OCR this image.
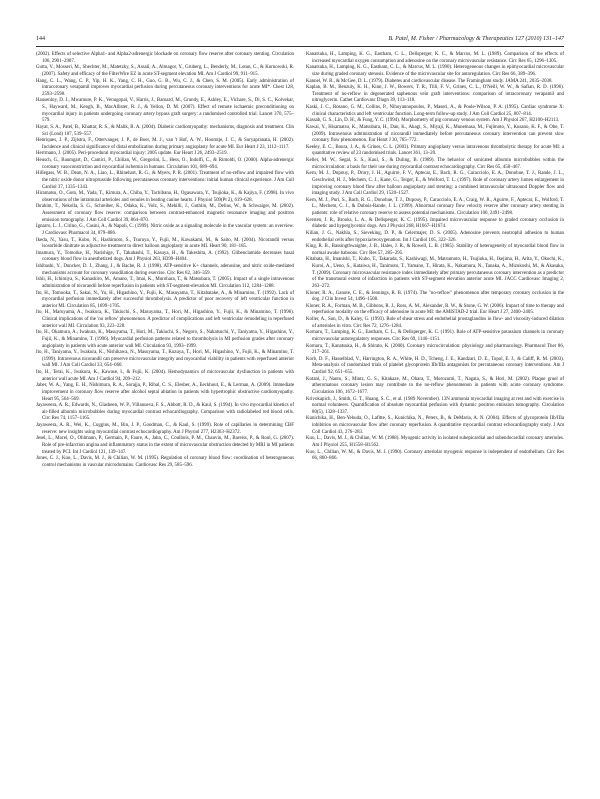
144	B. Patel, M. Fisher / Pharmacology & Therapeutics 127 (2010) 131–147

(2002). Effects of selective Alpha1- and Alpha2-adrenergic blockade on coronary flow reserve after coronary stenting. Circulation 106, 2901–2907.

Gutta, V., Mosseri, M., Shechter, M., Matetzky, S., Assali, A., Almagor, Y., Gruberg, L., Benderly, M., Lotan, C., & Kornowski, R. (2007). Safety and efficacy of the FilterWire EZ in acute ST-segment elevation MI. Am J Cardiol 99, 911–915.

Hang, C. L., Wang, C. P., Yip, H. K., Yang, C. H., Guo, G. B., Wu, C. J., & Chen, S. M. (2005). Early administration of intracoronary verapamil improves myocardial perfusion during percutaneous coronary interventions for acute MI*. Chest 128, 2593–2598.

Hausenloy, D. J., Mwamure, P. K., Venugopal, V., Harris, J., Barnard, M., Grundy, E., Ashley, E., Vichare, S., Di, S. C., Kolvekar, S., Hayward, M., Keogh, B., MacAllister, R. J., & Yellon, D. M. (2007). Effect of remote ischaemic preconditioning on myocardial injury in patients undergoing coronary artery bypass graft surgery: a randomised controlled trial. Lancet 370, 575–579.

Hayat, S. A., Patel, B., Khattar, R. S., & Malik, R. A. (2004). Diabetic cardiomyopathy: mechanisms, diagnosis and treatment. Clin Sci (Lond) 107, 539–557.

Henriques, J. P., Zijlstra, F., Ottervanger, J. P., de Boer, M. J., van 't Hof, A. W., Hoorntje, J. C., & Suryapranata, H. (2002). Incidence and clinical significance of distal embolization during primary angioplasty for acute MI. Eur Heart J 23, 1112–1117.

Herrmann, J. (2005). Peri-procedural myocardial injury: 2005 update. Eur Heart J 26, 2493–2519.

Heusch, G., Baumgart, D., Camici, P., Chilian, W., Gregorini, L., Hess, O., Indolfi, C., & Rimoldi, O. (2000). Alpha-adrenergic coronary vasoconstriction and myocardial ischemia in humans. Circulation 101, 689–694.

Hillegass, W. B., Dean, N. A., Liao, L., Rhinehart, R. G., & Myers, P. R. (2001). Treatment of no-reflow and impaired flow with the nitric oxide donor nitroprusside following percutaneous coronary interventions: initial human clinical experience. J Am Coll Cardiol 37, 1335–1343.

Hiramatsu, O., Goto, M., Yada, T., Kimura, A., Chiba, Y., Tachibana, H., Ogasawara, Y., Tsujioka, K., & Kajiya, F. (1998). In vivo observations of the intramural arterioles and venules in beating canine hearts. J Physiol 509(Pt 2), 619–628.

Ibrahim, T., Nekolla, S. G., Schreiber, K., Odaka, K., Volz, S., Mehilli, J., Guthlin, M., Delius, W., & Schwaiger, M. (2002). Assessment of coronary flow reserve: comparison between contrast-enhanced magnetic resonance imaging and positron emission tomography. J Am Coll Cardiol 39, 864–870.

Ignarro, L. J., Cirino, G., Casini, A., & Napoli, C. (1999). Nitric oxide as a signaling molecule in the vascular system: an overview. J Cardiovasc Pharmacol 34, 879–886.

Ikeda, N., Yasu, T., Kubo, N., Hashimoto, S., Tsuruya, Y., Fujii, M., Kawakami, M., & Saito, M. (2004). Nicorandil versus isosorbide dinitrate as adjunctive treatment to direct balloon angioplasty in acute MI. Heart 90, 181–185.

Imamura, Y., Tomoike, H., Narishige, T., Takahashi, T., Kasuya, H., & Takeshita, A. (1992). Glibenclamide decreases basal coronary blood flow in anesthetized dogs. Am J Physiol 263, H399–H404.

Ishibashi, Y., Duncker, D. J., Zhang, J., & Bache, R. J. (1998). ATP-sensitive K+ channels, adenosine, and nitric oxide-mediated mechanisms account for coronary vasodilation during exercise. Circ Res 82, 346–359.

Ishii, H., Ichimiya, S., Kanashiro, M., Amano, T., Imai, K., Murohara, T., & Matsubara, T. (2005). Impact of a single intravenous administration of nicorandil before reperfusion in patients with ST-segment-elevation MI. Circulation 112, 1284–1288.

Ito, H., Tomooka, T., Sakai, N., Yu, H., Higashino, Y., Fujii, K., Masuyama, T., Kitabatake, A., & Minamino, T. (1992). Lack of myocardial perfusion immediately after successful thrombolysis. A predictor of poor recovery of left ventricular function in anterior MI. Circulation 85, 1699–1705.

Ito, H., Maruyama, A., Iwakura, K., Takiuchi, S., Masuyama, T., Hori, M., Higashino, Y., Fujii, K., & Minamino, T. (1996). Clinical implications of the 'no reflow' phenomenon. A predictor of complications and left ventricular remodeling in reperfused anterior wall MI. Circulation 93, 223–228.

Ito, H., Okamura, A., Iwakura, K., Masuyama, T., Hori, M., Takiuchi, S., Negoro, S., Nakatsuchi, Y., Taniyama, Y., Higashino, Y., Fujii, K., & Minamino, T. (1996). Myocardial perfusion patterns related to thrombolysis in MI perfusion grades after coronary angioplasty in patients with acute anterior wall MI. Circulation 93, 1993–1999.

Ito, H., Taniyama, Y., Iwakura, K., Nishikawa, N., Masuyama, T., Kuzuya, T., Hori, M., Higashino, Y., Fujii, K., & Minamino, T. (1999). Intravenous nicorandil can preserve microvascular integrity and myocardial viability in patients with reperfused anterior wall MI. J Am Coll Cardiol 33, 654–660.

Ito, H., Terai, K., Iwakura, K., Kawase, I., & Fujii, K. (2004). Hemodynamics of microvascular dysfunction in patients with anterior wall acute MI. Am J Cardiol 94, 209–212.

Jaber, W. A., Yang, E. H., Nishimura, R. A., Sorajja, P., Rihal, C. S., Elesber, A., Eeckhout, E., & Lerman, A. (2009). Immediate improvement in coronary flow reserve after alcohol septal ablation in patients with hypertrophic obstructive cardiomyopathy. Heart 95, 564–569.

Jayaweera, A. R., Edwards, N., Glasheen, W. P., Villanueva, F. S., Abbott, R. D., & Kaul, S. (1994). In vivo myocardial kinetics of air-filled albumin microbubbles during myocardial contrast echocardiography. Comparison with radiolabeled red blood cells. Circ Res 74, 1157–1165.

Jayaweera, A. R., Wei, K., Coggins, M., Bin, J. P., Goodman, C., & Kaul, S. (1999). Role of capillaries in determining CBF reserve: new insights using myocardial contrast echocardiography. Am J Physiol 277, H2363–H2372.

Jesel, L., Morel, O., Ohlmann, P., Germain, P., Faure, A., Jahn, C., Coulbois, P. M., Chauvin, M., Bareiss, P., & Roul, G. (2007). Role of pre-infarction angina and inflammatory status in the extent of microvascular obstruction detected by MRI in MI patients treated by PCI. Int J Cardiol 121, 139–147.

Jones, C. J., Kuo, L., Davis, M. J., & Chilian, W. M. (1995). Regulation of coronary blood flow: coordination of heterogeneous control mechanisms in vascular microdomains. Cardiovasc Res 29, 585–596.

Kanatsuka, H., Lamping, K. G., Eastham, C. L., Dellsperger, K. C., & Marcus, M. L. (1989). Comparison of the effects of increased myocardial oxygen consumption and adenosine on the coronary microvascular resistance. Circ Res 65, 1296–1305.

Kanatsuka, H., Lamping, K. G., Eastham, C. L., & Marcus, M. L. (1990). Heterogeneous changes in epimyocardial microvascular size during graded coronary stenosis. Evidence of the microvascular site for autoregulation. Circ Res 66, 389–396.

Kannel, W. B., & McGee, D. L. (1979). Diabetes and cardiovascular disease. The Framingham study. JAMA 241, 2035–2038.

Kaplan, B. M., Benzuly, K. H., Kinn, J. W., Bowers, T. R., Tilli, F. V., Grines, C. L., O'Neill, W. W., & Safian, R. D. (1996). Treatment of no-reflow in degenerated saphenous vein graft interventions: comparison of intracoronary verapamil and nitroglycerin. Cathet Cardiovasc Diagn 39, 113–118.

Kaski, J. C., Rosano, G. M., Collins, P., Nihoyannopoulos, P., Maseri, A., & Poole-Wilson, P. A. (1995). Cardiac syndrome X: clinical characteristics and left ventricular function. Long-term follow-up study. J Am Coll Cardiol 25, 807–814.

Kassab, G. S., Lin, D. H., & Fung, Y. C. (1994). Morphometry of pig coronary venous system. Am J Physiol 267, H2100–H2113.

Kawai, Y., Hisamatsu, K., Matsubara, H., Dan, K., Akagi, S., Miyaji, K., Munemasa, M., Fujimoto, Y., Kusano, K. F., & Ohe, T. (2009). Intravenous administration of nicorandil immediately before percutaneous coronary intervention can prevent slow coronary flow phenomenon. Eur Heart J 30, 765–772.

Keeley, E. C., Boura, J. A., & Grines, C. L. (2003). Primary angioplasty versus intravenous thrombolytic therapy for acute MI: a quantitative review of 23 randomised trials. Lancet 361, 13–20.

Keller, M. W., Segal, S. S., Kaul, S., & Duling, B. (1989). The behavior of sonicated albumin microbubbles within the microcirculation: a basis for their use during myocardial contrast echocardiography. Circ Res 65, 458–467.

Kern, M. J., Dupouy, P., Drury, J. H., Aguirre, F. V., Aptecar, E., Bach, R. G., Caracciolo, E. A., Donohue, T. J., Rande, J. L., Geschwind, H. J., Mechem, C. J., Kane, G., Teiger, E., & Wolford, T. L. (1997). Role of coronary artery lumen enlargement in improving coronary blood flow after balloon angioplasty and stenting: a combined intravascular ultrasound Doppler flow and imaging study. J Am Coll Cardiol 29, 1520–1527.

Kern, M. J., Puri, S., Bach, R. G., Donohue, T. J., Dupouy, P., Caracciolo, E. A., Craig, W. R., Aguirre, F., Aptecar, E., Wolford, T. L., Mechem, C. J., & Dubois-Rande, J. L. (1999). Abnormal coronary flow velocity reserve after coronary artery stenting in patients: role of relative coronary reserve to assess potential mechanisms. Circulation 100, 2491–2498.

Kersten, J. R., Brooks, L. A., & Dellsperger, K. C. (1995). Impaired microvascular response to graded coronary occlusion in diabetic and hyperglycemic dogs. Am J Physiol 268, H1667–H1674.

Kilian, J. G., Nakhla, S., Sieveking, D. P., & Celermajer, D. S. (2005). Adenosine prevents neutrophil adhesion to human endothelial cells after hypoxia/reoxygenation. Int J Cardiol 105, 322–326.

King, R. B., Bassingthwaighte, J. B., Hales, J. R., & Rowell, L. B. (1985). Stability of heterogeneity of myocardial blood flow in normal awake baboons. Circ Res 57, 285–295.

Kitabata, H., Imanishi, T., Kubo, T., Takarada, S., Kashiwagi, M., Matsumoto, H., Tsujioka, H., Ikejima, H., Arita, Y., Okochi, K., Kuroi, A., Ueno, S., Kataiwa, H., Tanimoto, T., Yamano, T., Hirata, K., Nakamura, N., Tanaka, A., Mizukoshi, M., & Akasaka, T. (2009). Coronary microvascular resistance index immediately after primary percutaneous coronary intervention as a predictor of the transmural extent of infarction in patients with ST-segment elevation anterior acute MI. JACC Cardiovasc Imaging 2, 263–272.

Kloner, R. A., Ganote, C. E., & Jennings, R. B. (1974). The "no-reflow" phenomenon after temporary coronary occlusion in the dog. J Clin Invest 54, 1496–1508.

Kloner, R. A., Forman, M. B., Gibbons, R. J., Ross, A. M., Alexander, R. W., & Stone, G. W. (2006). Impact of time to therapy and reperfusion modality on the efficacy of adenosine in acute MI: the AMISTAD-2 trial. Eur Heart J 27, 2400–2405.

Koller, A., Sun, D., & Kaley, G. (1993). Role of shear stress and endothelial prostaglandins in flow- and viscosity-induced dilation of arterioles in vitro. Circ Res 72, 1276–1284.

Komaru, T., Lamping, K. G., Eastham, C. L., & Dellsperger, K. C. (1991). Role of ATP-sensitive potassium channels in coronary microvascular autoregulatory responses. Circ Res 69, 1146–1151.

Komaru, T., Kanatsuka, H., & Shirato, K. (2000). Coronary microcirculation: physiology and pharmacology. Pharmacol Ther 86, 217–261.

Korb, D. F., Hasselblad, V., Harrington, R. A., White, H. D., Tcheng, J. E., Kandzari, D. E., Topol, E. J., & Califf, R. M. (2003). Meta-analysis of randomized trials of platelet glycoprotein IIb/IIIa antagonists for percutaneous coronary interventions. Am J Cardiol 92, 651–655.

Kotani, J., Nanto, S., Mintz, G. S., Kitakaze, M., Ohara, T., Morozumi, T., Nagata, S., & Hori, M. (2002). Plaque gruel of atheromatous coronary lesion may contribute to the no-reflow phenomenon in patients with acute coronary syndrome. Circulation 106, 1672–1677.

Krivokapich, J., Smith, G. T., Huang, S. C., et al. (1989 November). 13N ammonia myocardial imaging at rest and with exercise in normal volunteers. Quantification of absolute myocardial perfusion with dynamic positron emission tomography. Circulation 80(5), 1328–1337.

Kunichika, H., Ben-Yehuda, O., Lafitte, S., Kunichika, N., Peters, B., & DeMaria, A. N. (2004). Effects of glycoprotein IIb/IIIa inhibition on microvascular flow after coronary reperfusion. A quantitative myocardial contrast echocardiography study. J Am Coll Cardiol 43, 276–283.

Kuo, L., Davis, M. J., & Chilian, W. M. (1988). Myogenic activity in isolated subepicardial and subendocardial coronary arterioles. Am J Physiol 255, H1558–H1562.

Kuo, L., Chilian, W. M., & Davis, M. J. (1990). Coronary arteriolar myogenic response is independent of endothelium. Circ Res 66, 860–866.
